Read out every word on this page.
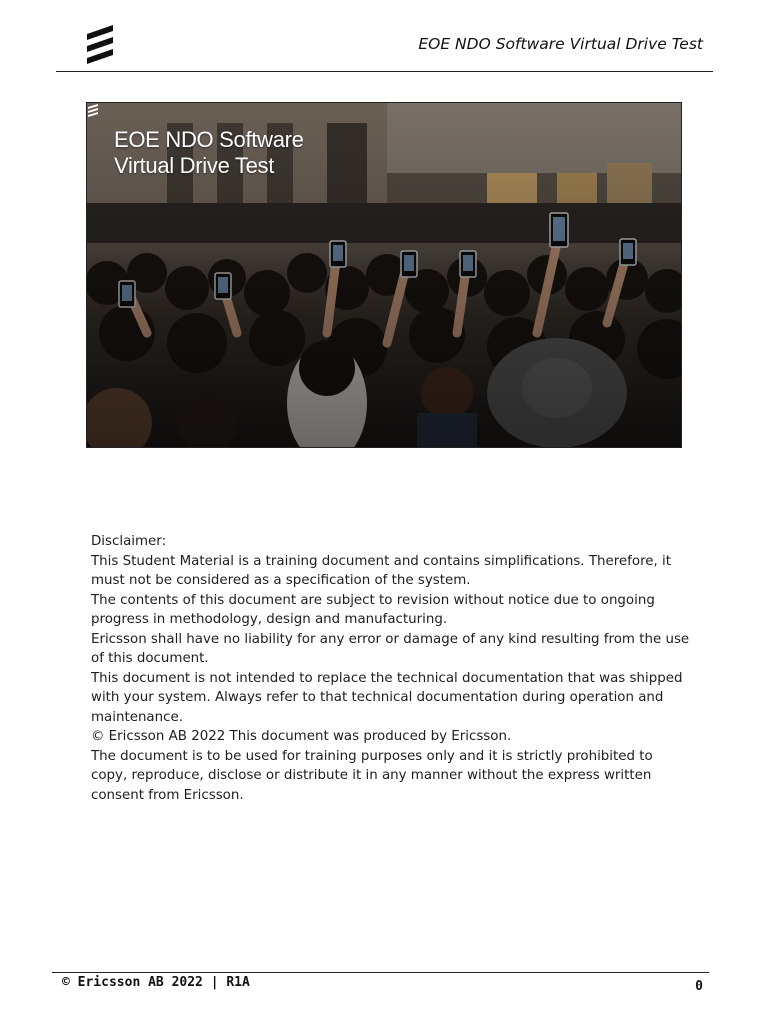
EOE NDO Software Virtual Drive Test
EOE NDO Software
Virtual Drive Test

Disclaimer:

This Student Material is a training document and contains simplifications. Therefore, it must not be considered as a specification of the system.

The contents of this document are subject to revision without notice due to ongoing progress in methodology, design and manufacturing.

Ericsson shall have no liability for any error or damage of any kind resulting from the use of this document.

This document is not intended to replace the technical documentation that was shipped with your system. Always refer to that technical documentation during operation and maintenance.

© Ericsson AB 2022 This document was produced by Ericsson.

The document is to be used for training purposes only and it is strictly prohibited to copy, reproduce, disclose or distribute it in any manner without the express written consent from Ericsson.

© Ericsson AB 2022 | R1A	0
